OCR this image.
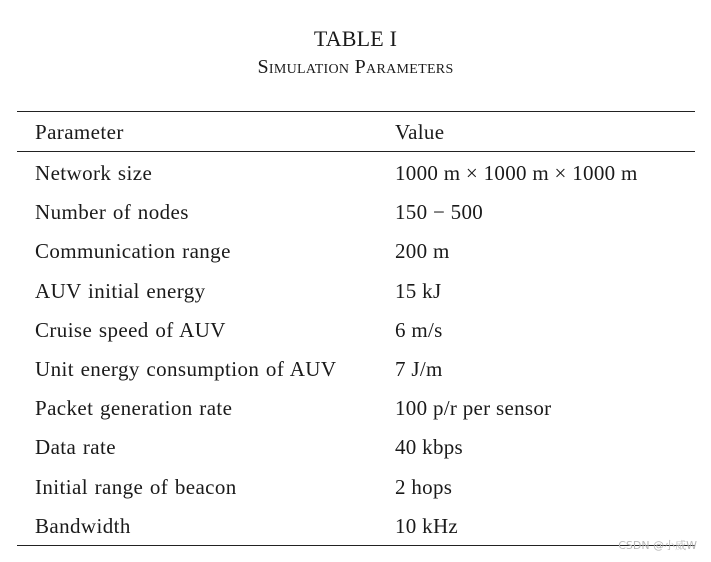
TABLE I
Simulation Parameters
Parameter	Value
Network size	1000 m × 1000 m × 1000 m
Number of nodes	150 − 500
Communication range	200 m
AUV initial energy	15 kJ
Cruise speed of AUV	6 m/s
Unit energy consumption of AUV	7 J/m
Packet generation rate	100 p/r per sensor
Data rate	40 kbps
Initial range of beacon	2 hops
Bandwidth	10 kHz
CSDN @小威W
